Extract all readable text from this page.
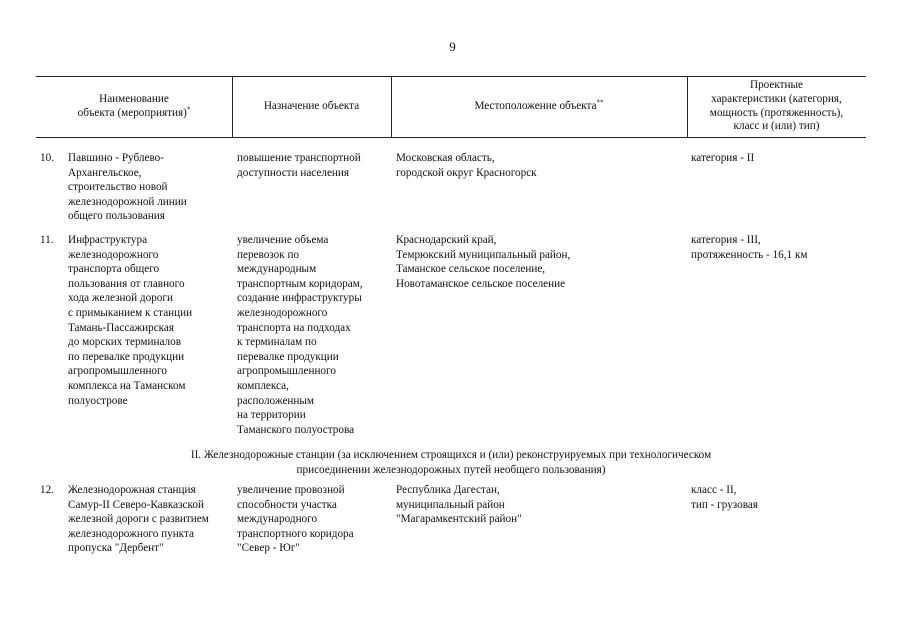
9
Наименование
объекта (мероприятия)*	Назначение объекта	Местоположение объекта**
Проектные
характеристики (категория,
мощность (протяженность),
класс и (или) тип)
10. Павшино - Рублево-
Архангельское,
строительство новой
железнодорожной линии
общего пользования
повышение транспортной
доступности населения
Московская область,
городской округ Красногорск
категория - II
11. Инфраструктура
железнодорожного
транспорта общего
пользования от главного
хода железной дороги
с примыканием к станции
Тамань-Пассажирская
до морских терминалов
по перевалке продукции
агропромышленного
комплекса на Таманском
полуострове
увеличение объема
перевозок по
международным
транспортным коридорам,
создание инфраструктуры
железнодорожного
транспорта на подходах
к терминалам по
перевалке продукции
агропромышленного
комплекса,
расположенным
на территории
Таманского полуострова
Краснодарский край,
Темрюкский муниципальный район,
Таманское сельское поселение,
Новотаманское сельское поселение
категория - III,
протяженность - 16,1 км
II. Железнодорожные станции (за исключением строящихся и (или) реконструируемых при технологическом
присоединении железнодорожных путей необщего пользования)
12. Железнодорожная станция
Самур-II Северо-Кавказской
железной дороги с развитием
железнодорожного пункта
пропуска "Дербент"
увеличение провозной
способности участка
международного
транспортного коридора
"Север - Юг"
Республика Дагестан,
муниципальный район
"Магарамкентский район"
класс - II,
тип - грузовая
